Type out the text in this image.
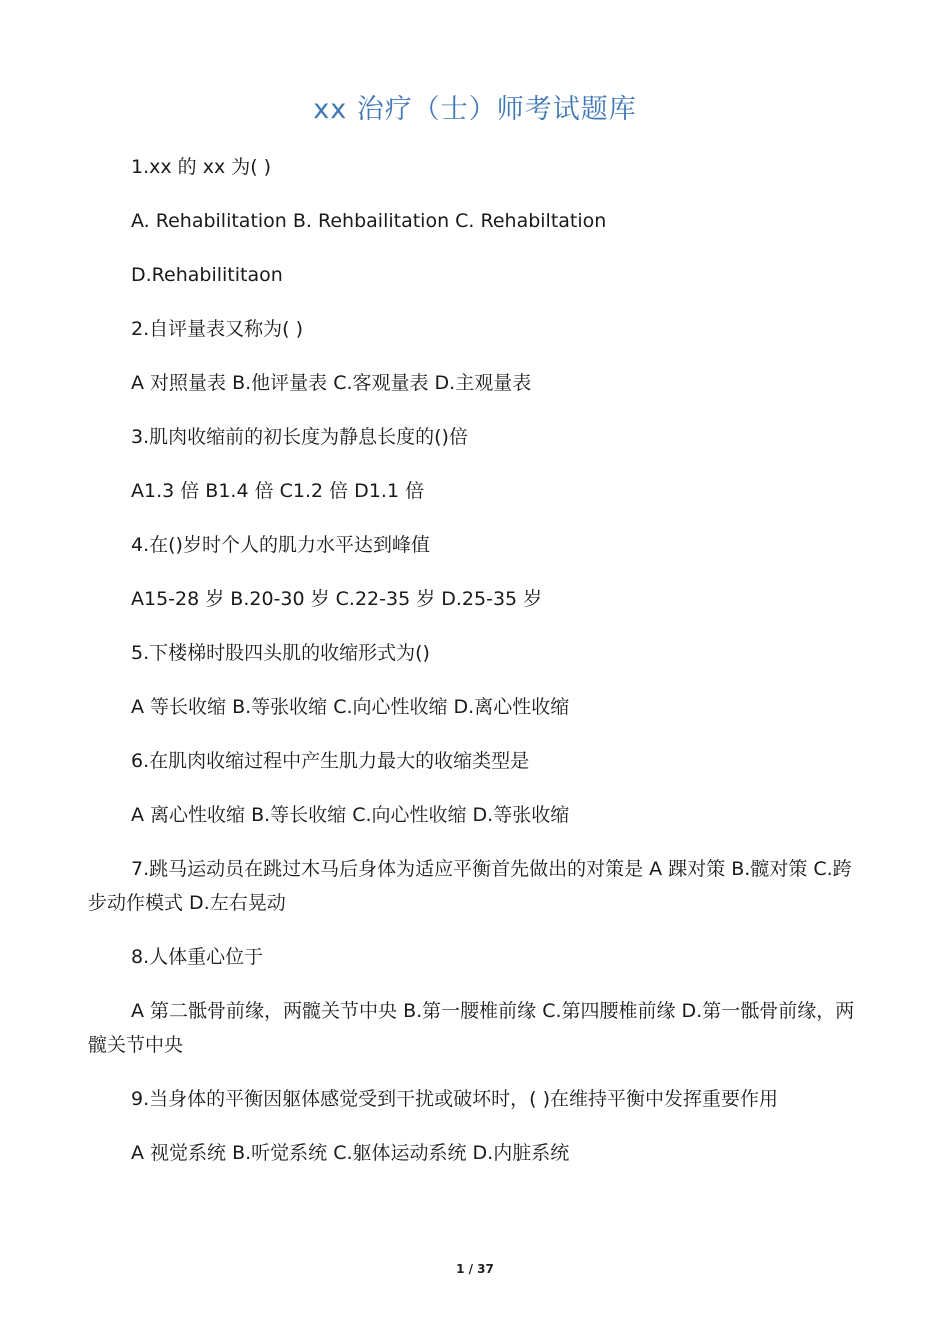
xx 治疗（士）师考试题库

1.xx 的 xx 为( )

A. Rehabilitation B. Rehbailitation C. Rehabiltation

D.Rehabilititaon

2.自评量表又称为( )

A 对照量表 B.他评量表 C.客观量表 D.主观量表

3.肌肉收缩前的初长度为静息长度的()倍

A1.3 倍 B1.4 倍 C1.2 倍 D1.1 倍

4.在()岁时个人的肌力水平达到峰值

A15-28 岁 B.20-30 岁 C.22-35 岁 D.25-35 岁

5.下楼梯时股四头肌的收缩形式为()

A 等长收缩 B.等张收缩 C.向心性收缩 D.离心性收缩

6.在肌肉收缩过程中产生肌力最大的收缩类型是

A 离心性收缩 B.等长收缩 C.向心性收缩 D.等张收缩

7.跳马运动员在跳过木马后身体为适应平衡首先做出的对策是 A 踝对策 B.髋对策 C.跨步动作模式 D.左右晃动

8.人体重心位于

A 第二骶骨前缘，两髋关节中央 B.第一腰椎前缘 C.第四腰椎前缘 D.第一骶骨前缘，两髋关节中央

9.当身体的平衡因躯体感觉受到干扰或破坏时，( )在维持平衡中发挥重要作用

A 视觉系统 B.听觉系统 C.躯体运动系统 D.内脏系统

1 / 37
